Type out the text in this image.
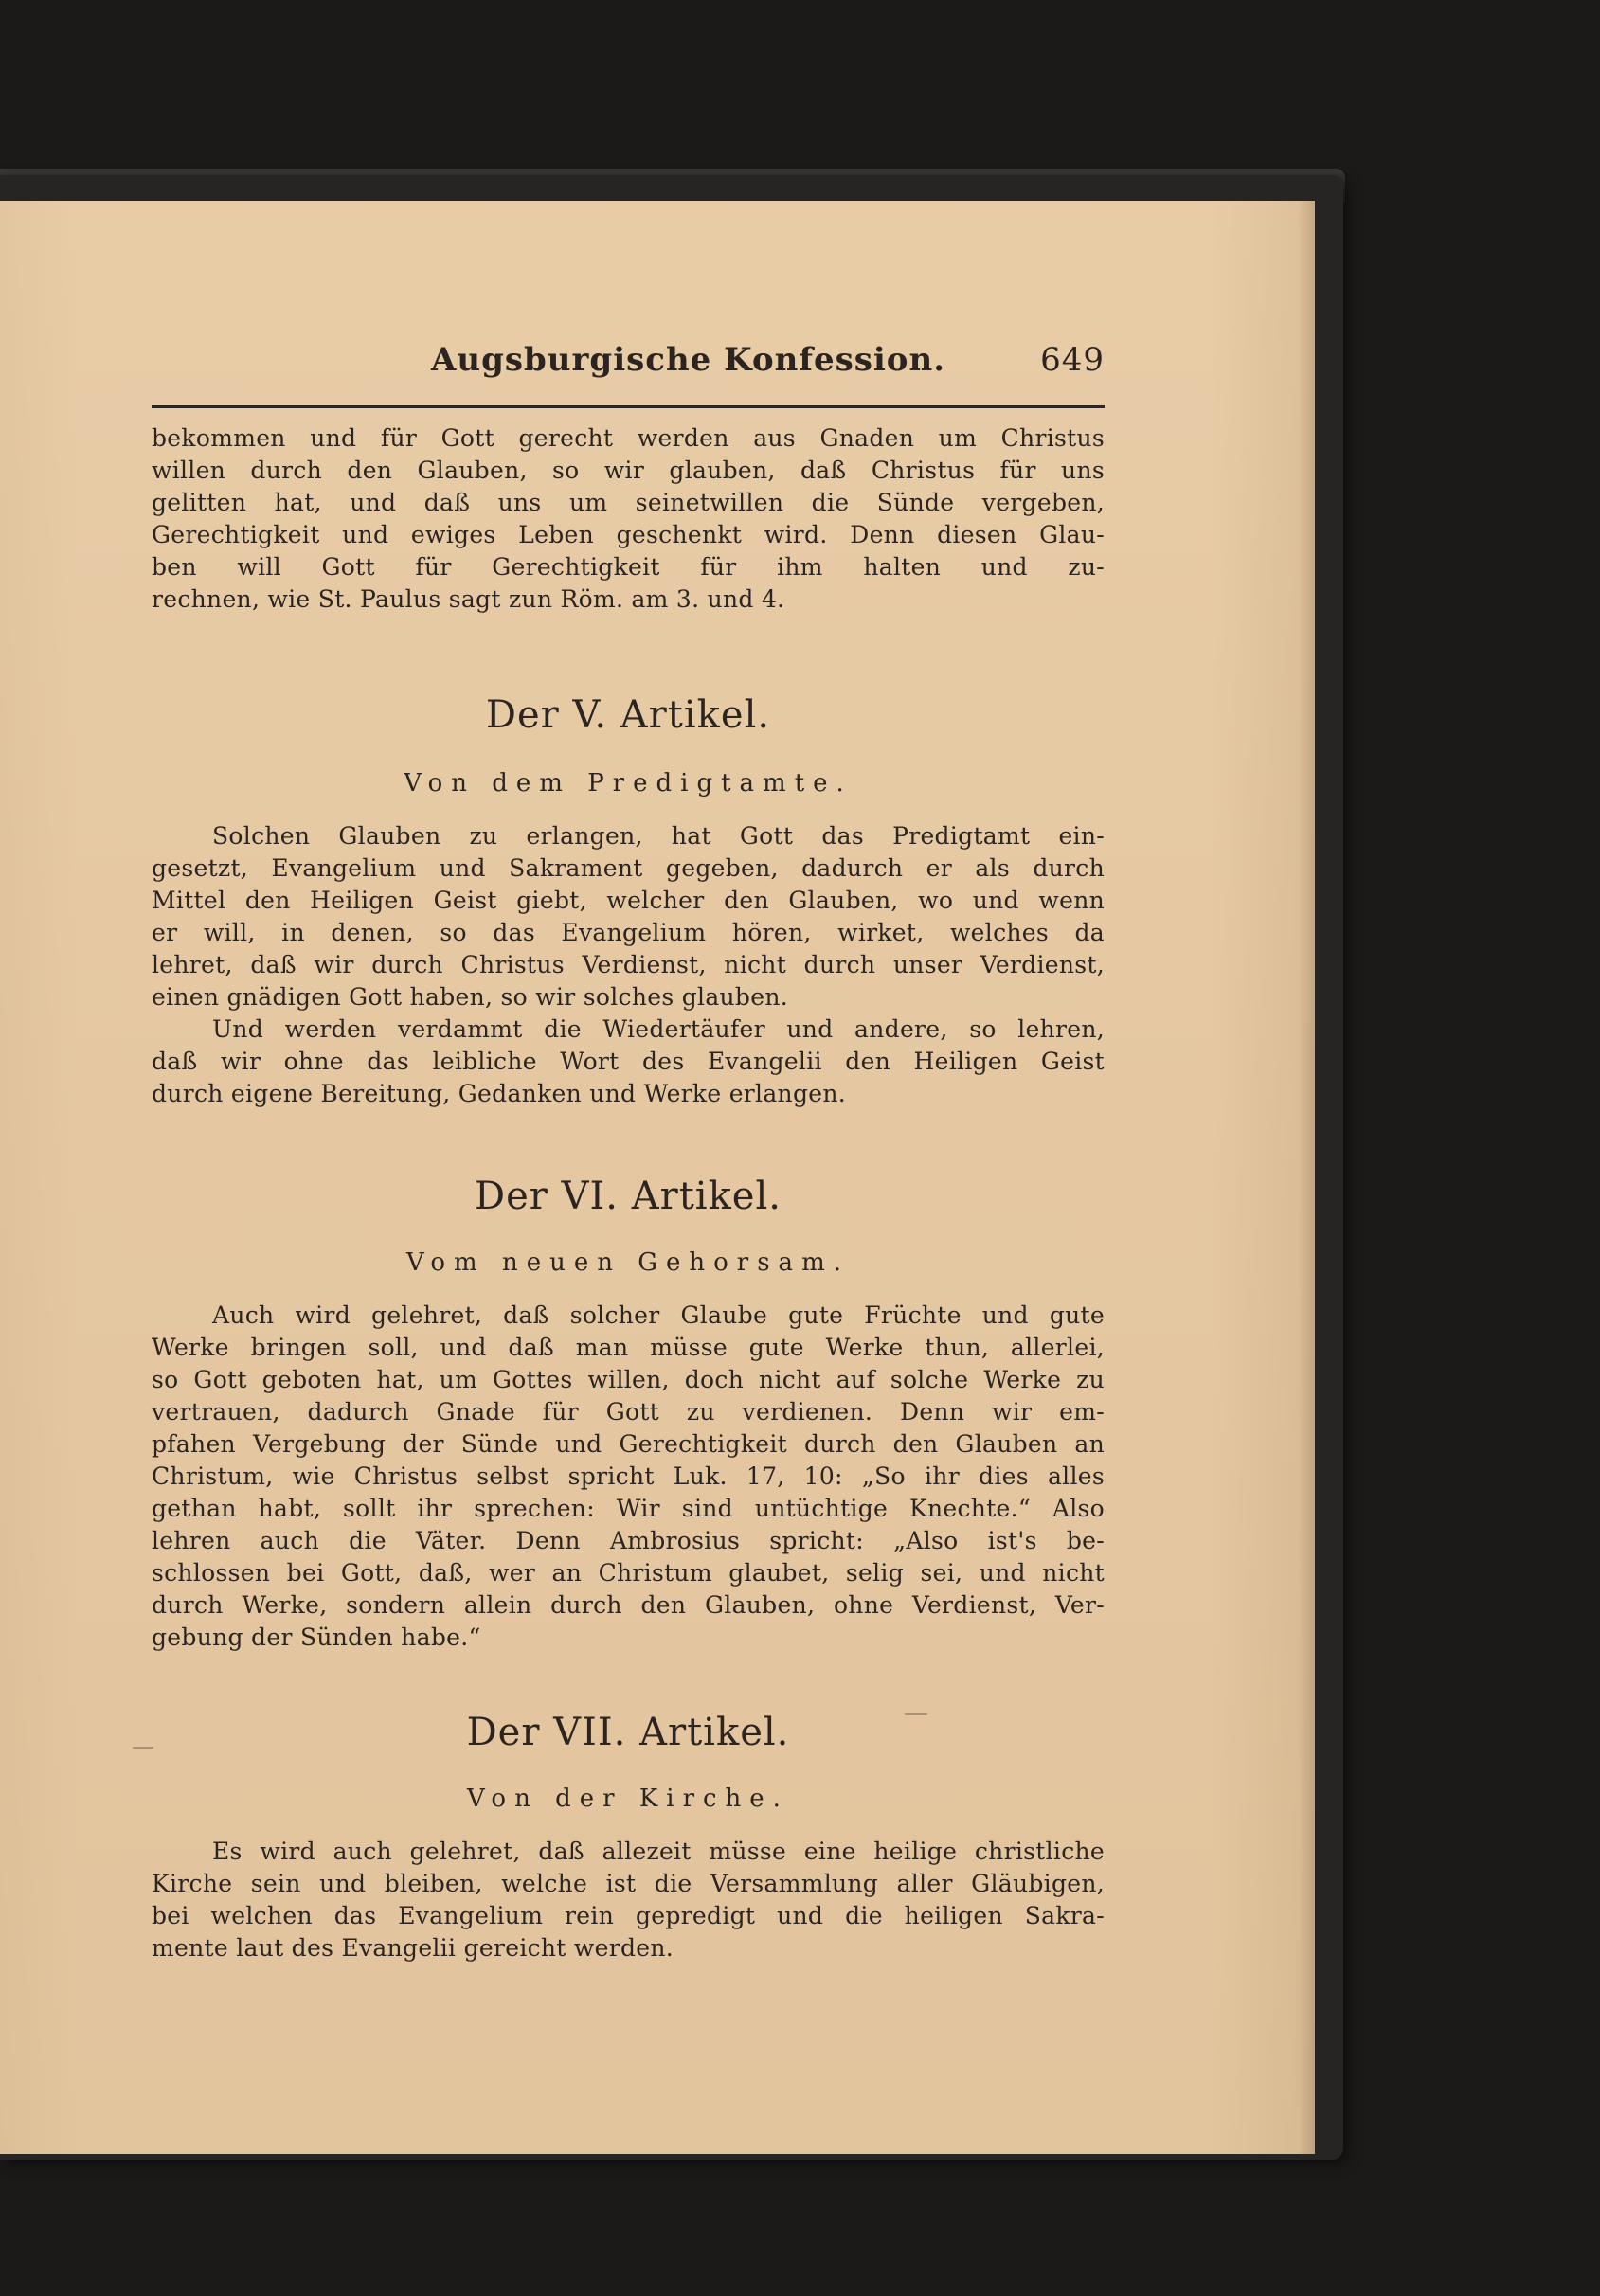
Augsburgische Konfession.	649
bekommen und für Gott gerecht werden aus Gnaden um Christus
willen durch den Glauben, so wir glauben, daß Christus für uns
gelitten hat, und daß uns um seinetwillen die Sünde vergeben,
Gerechtigkeit und ewiges Leben geschenkt wird. Denn diesen Glau-
ben will Gott für Gerechtigkeit für ihm halten und zu-
rechnen, wie St. Paulus sagt zun Röm. am 3. und 4.
Der V. Artikel.
Von dem Predigtamte.
Solchen Glauben zu erlangen, hat Gott das Predigtamt ein-
gesetzt, Evangelium und Sakrament gegeben, dadurch er als durch
Mittel den Heiligen Geist giebt, welcher den Glauben, wo und wenn
er will, in denen, so das Evangelium hören, wirket, welches da
lehret, daß wir durch Christus Verdienst, nicht durch unser Verdienst,
einen gnädigen Gott haben, so wir solches glauben.
Und werden verdammt die Wiedertäufer und andere, so lehren,
daß wir ohne das leibliche Wort des Evangelii den Heiligen Geist
durch eigene Bereitung, Gedanken und Werke erlangen.
Der VI. Artikel.
Vom neuen Gehorsam.
Auch wird gelehret, daß solcher Glaube gute Früchte und gute
Werke bringen soll, und daß man müsse gute Werke thun, allerlei,
so Gott geboten hat, um Gottes willen, doch nicht auf solche Werke zu
vertrauen, dadurch Gnade für Gott zu verdienen. Denn wir em-
pfahen Vergebung der Sünde und Gerechtigkeit durch den Glauben an
Christum, wie Christus selbst spricht Luk. 17, 10: „So ihr dies alles
gethan habt, sollt ihr sprechen: Wir sind untüchtige Knechte.“ Also
lehren auch die Väter. Denn Ambrosius spricht: „Also ist's be-
schlossen bei Gott, daß, wer an Christum glaubet, selig sei, und nicht
durch Werke, sondern allein durch den Glauben, ohne Verdienst, Ver-
gebung der Sünden habe.“
Der VII. Artikel.
Von der Kirche.
Es wird auch gelehret, daß allezeit müsse eine heilige christliche
Kirche sein und bleiben, welche ist die Versammlung aller Gläubigen,
bei welchen das Evangelium rein gepredigt und die heiligen Sakra-
mente laut des Evangelii gereicht werden.
